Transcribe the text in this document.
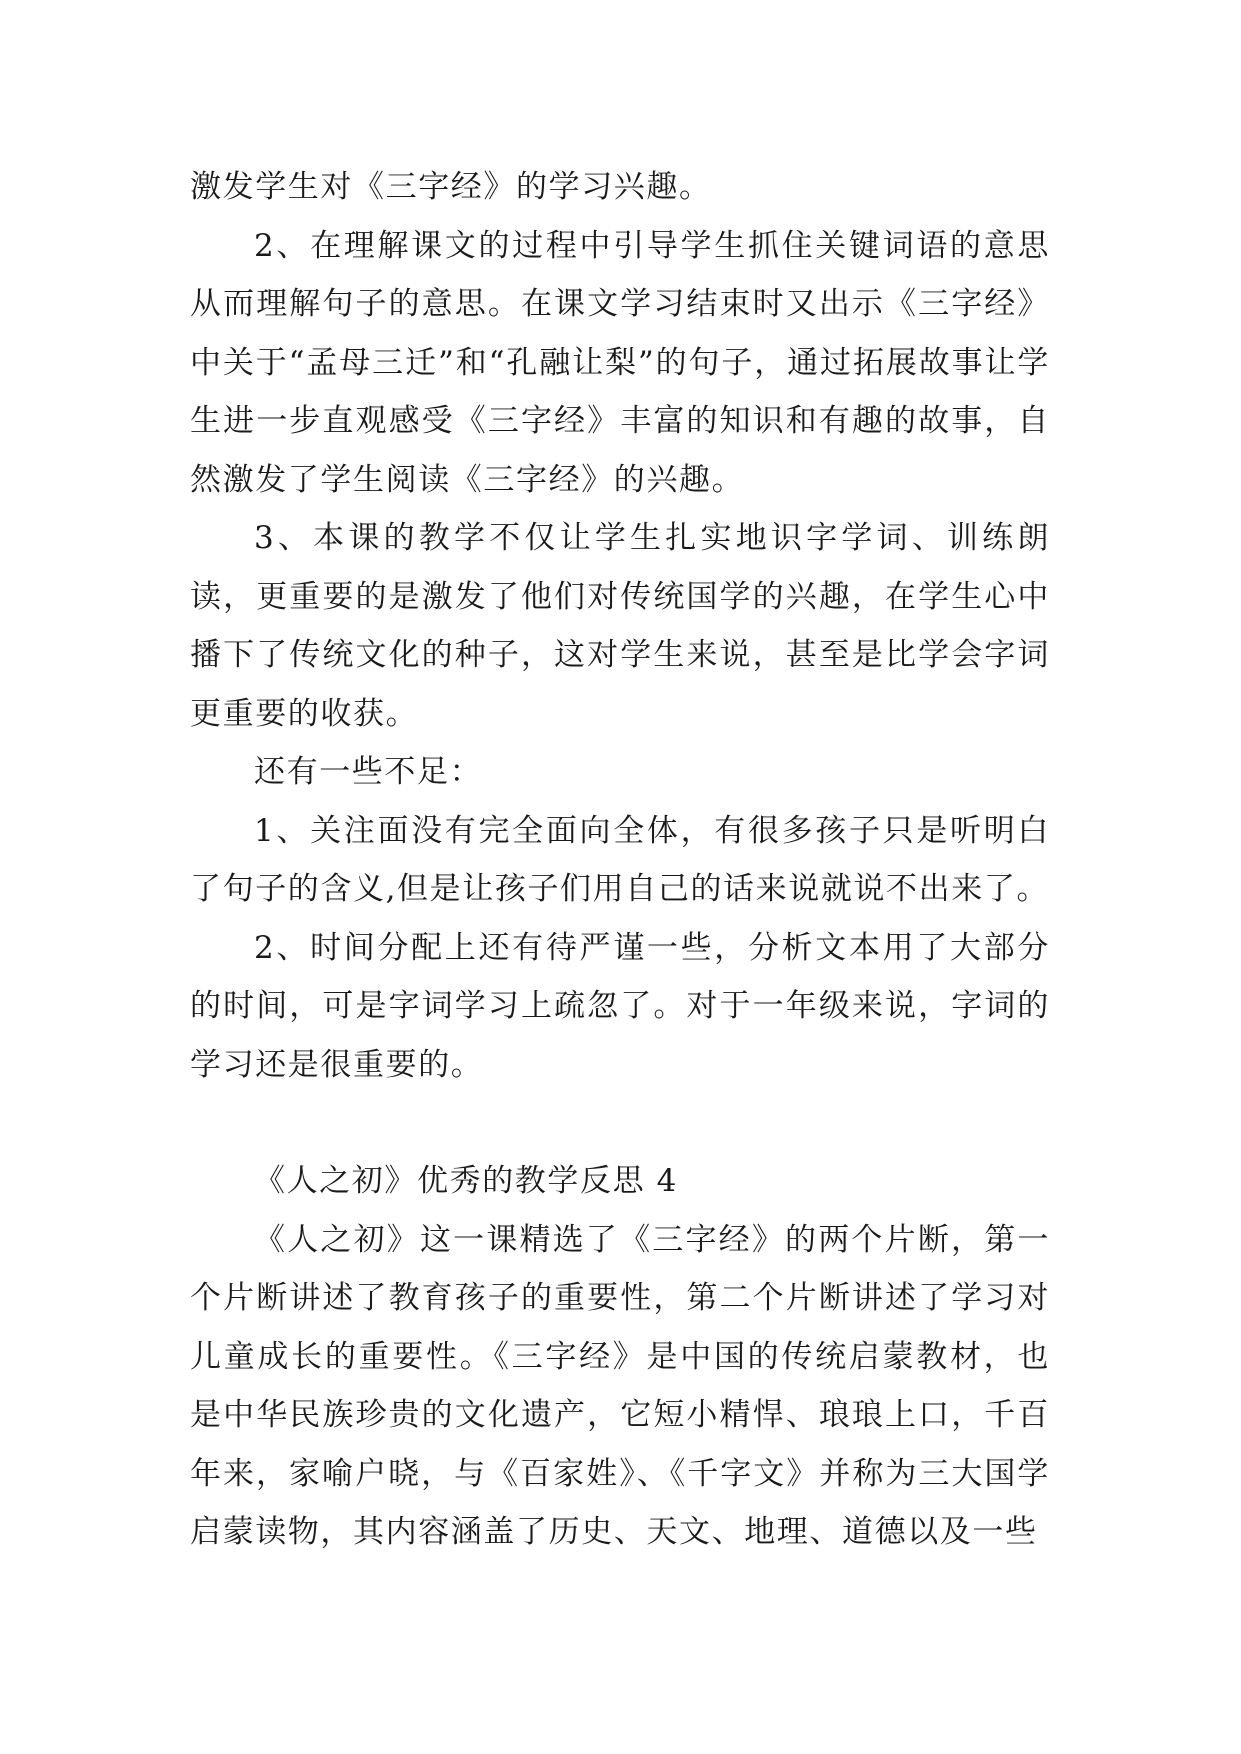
激发学生对《三字经》的学习兴趣。

2、在理解课文的过程中引导学生抓住关键词语的意思从而理解句子的意思。在课文学习结束时又出示《三字经》中关于“孟母三迁”和“孔融让梨”的句子，通过拓展故事让学生进一步直观感受《三字经》丰富的知识和有趣的故事，自然激发了学生阅读《三字经》的兴趣。

3、本课的教学不仅让学生扎实地识字学词、训练朗读，更重要的是激发了他们对传统国学的兴趣，在学生心中播下了传统文化的种子，这对学生来说，甚至是比学会字词更重要的收获。

还有一些不足：

1、关注面没有完全面向全体，有很多孩子只是听明白了句子的含义,但是让孩子们用自己的话来说就说不出来了。

2、时间分配上还有待严谨一些，分析文本用了大部分的时间，可是字词学习上疏忽了。对于一年级来说，字词的学习还是很重要的。

《人之初》优秀的教学反思 4

《人之初》这一课精选了《三字经》的两个片断，第一个片断讲述了教育孩子的重要性，第二个片断讲述了学习对儿童成长的重要性。《三字经》是中国的传统启蒙教材，也是中华民族珍贵的文化遗产，它短小精悍、琅琅上口，千百年来，家喻户晓，与《百家姓》、《千字文》并称为三大国学启蒙读物，其内容涵盖了历史、天文、地理、道德以及一些
